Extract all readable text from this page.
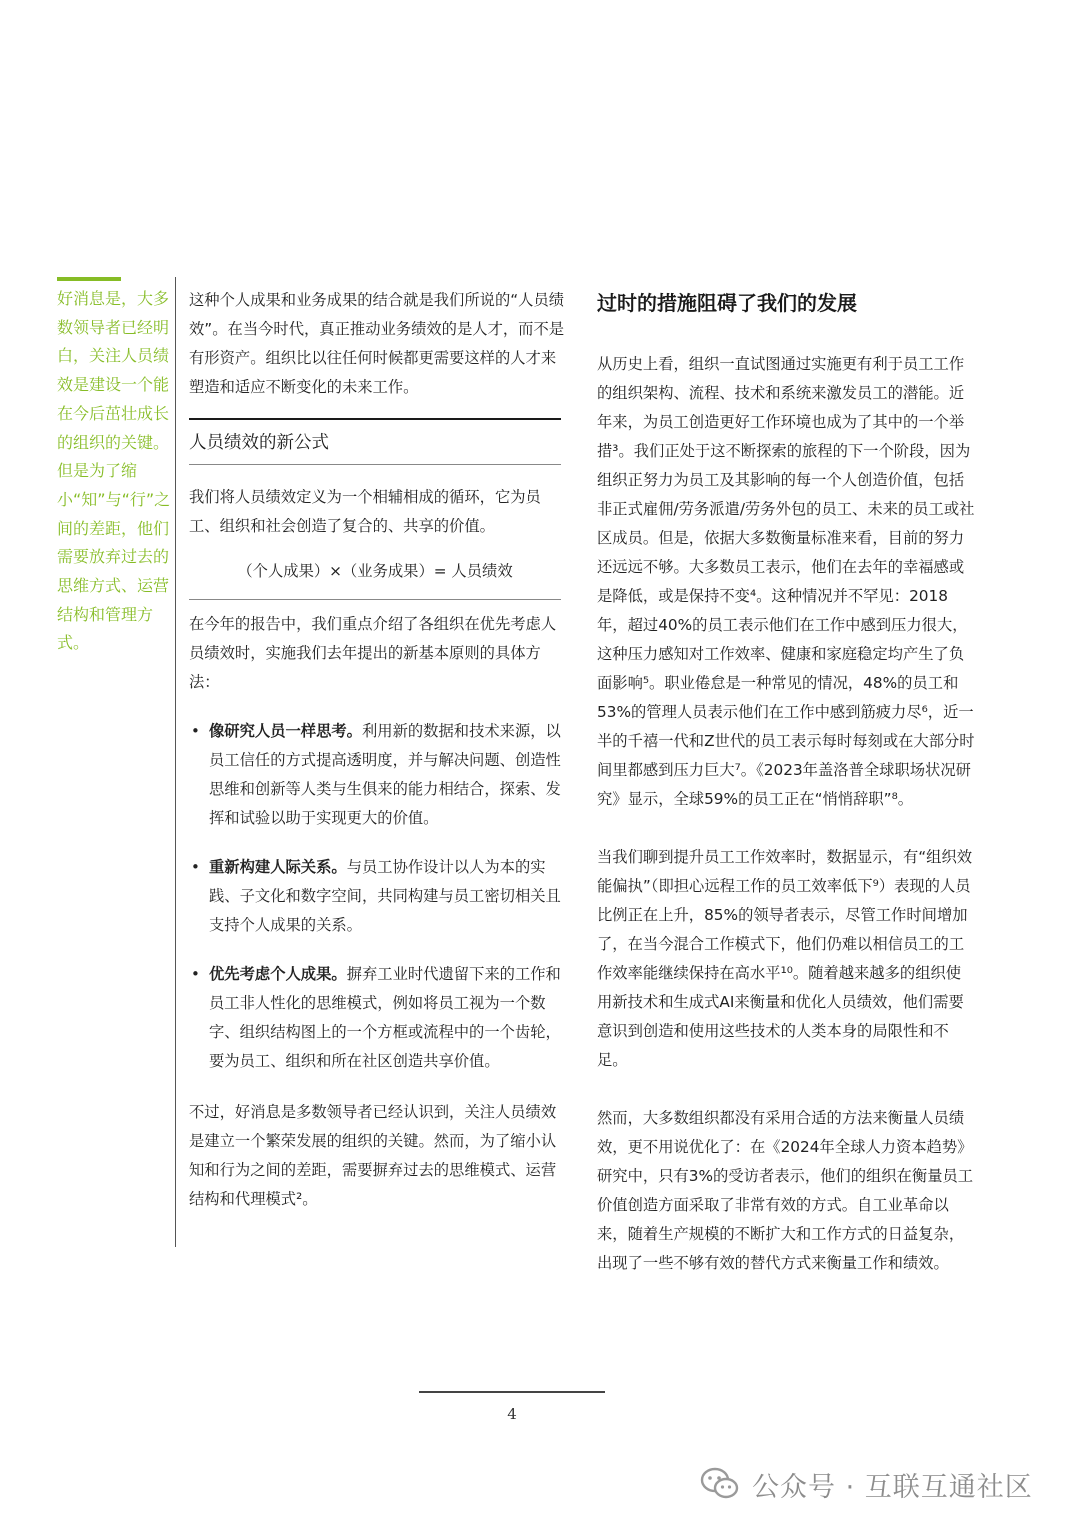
好消息是，大多数领导者已经明白，关注人员绩效是建设一个能在今后茁壮成长的组织的关键。但是为了缩小“知”与“行”之间的差距，他们需要放弃过去的思维方式、运营结构和管理方式。

这种个人成果和业务成果的结合就是我们所说的“人员绩效”。在当今时代，真正推动业务绩效的是人才，而不是有形资产。组织比以往任何时候都更需要这样的人才来塑造和适应不断变化的未来工作。

人员绩效的新公式

我们将人员绩效定义为一个相辅相成的循环，它为员工、组织和社会创造了复合的、共享的价值。

（个人成果）×（业务成果）= 人员绩效

在今年的报告中，我们重点介绍了各组织在优先考虑人员绩效时，实施我们去年提出的新基本原则的具体方法：

• 像研究人员一样思考。利用新的数据和技术来源，以员工信任的方式提高透明度，并与解决问题、创造性思维和创新等人类与生俱来的能力相结合，探索、发挥和试验以助于实现更大的价值。
• 重新构建人际关系。与员工协作设计以人为本的实践、子文化和数字空间，共同构建与员工密切相关且支持个人成果的关系。
• 优先考虑个人成果。摒弃工业时代遗留下来的工作和员工非人性化的思维模式，例如将员工视为一个数字、组织结构图上的一个方框或流程中的一个齿轮，要为员工、组织和所在社区创造共享价值。

不过，好消息是多数领导者已经认识到，关注人员绩效是建立一个繁荣发展的组织的关键。然而，为了缩小认知和行为之间的差距，需要摒弃过去的思维模式、运营结构和代理模式²。

过时的措施阻碍了我们的发展

从历史上看，组织一直试图通过实施更有利于员工工作的组织架构、流程、技术和系统来激发员工的潜能。近年来，为员工创造更好工作环境也成为了其中的一个举措³。我们正处于这不断探索的旅程的下一个阶段，因为组织正努力为员工及其影响的每一个人创造价值，包括非正式雇佣/劳务派遣/劳务外包的员工、未来的员工或社区成员。但是，依据大多数衡量标准来看，目前的努力还远远不够。大多数员工表示，他们在去年的幸福感或是降低，或是保持不变⁴。这种情况并不罕见：2018年，超过40%的员工表示他们在工作中感到压力很大，这种压力感知对工作效率、健康和家庭稳定均产生了负面影响⁵。职业倦怠是一种常见的情况，48%的员工和53%的管理人员表示他们在工作中感到筋疲力尽⁶，近一半的千禧一代和Z世代的员工表示每时每刻或在大部分时间里都感到压力巨大⁷。《2023年盖洛普全球职场状况研究》显示，全球59%的员工正在“悄悄辞职”⁸。

当我们聊到提升员工工作效率时，数据显示，有“组织效能偏执”（即担心远程工作的员工效率低下⁹）表现的人员比例正在上升，85%的领导者表示，尽管工作时间增加了，在当今混合工作模式下，他们仍难以相信员工的工作效率能继续保持在高水平¹⁰。随着越来越多的组织使用新技术和生成式AI来衡量和优化人员绩效，他们需要意识到创造和使用这些技术的人类本身的局限性和不足。

然而，大多数组织都没有采用合适的方法来衡量人员绩效，更不用说优化了：在《2024年全球人力资本趋势》研究中，只有3%的受访者表示，他们的组织在衡量员工价值创造方面采取了非常有效的方式。自工业革命以来，随着生产规模的不断扩大和工作方式的日益复杂，出现了一些不够有效的替代方式来衡量工作和绩效。

4
公众号 · 互联互通社区
